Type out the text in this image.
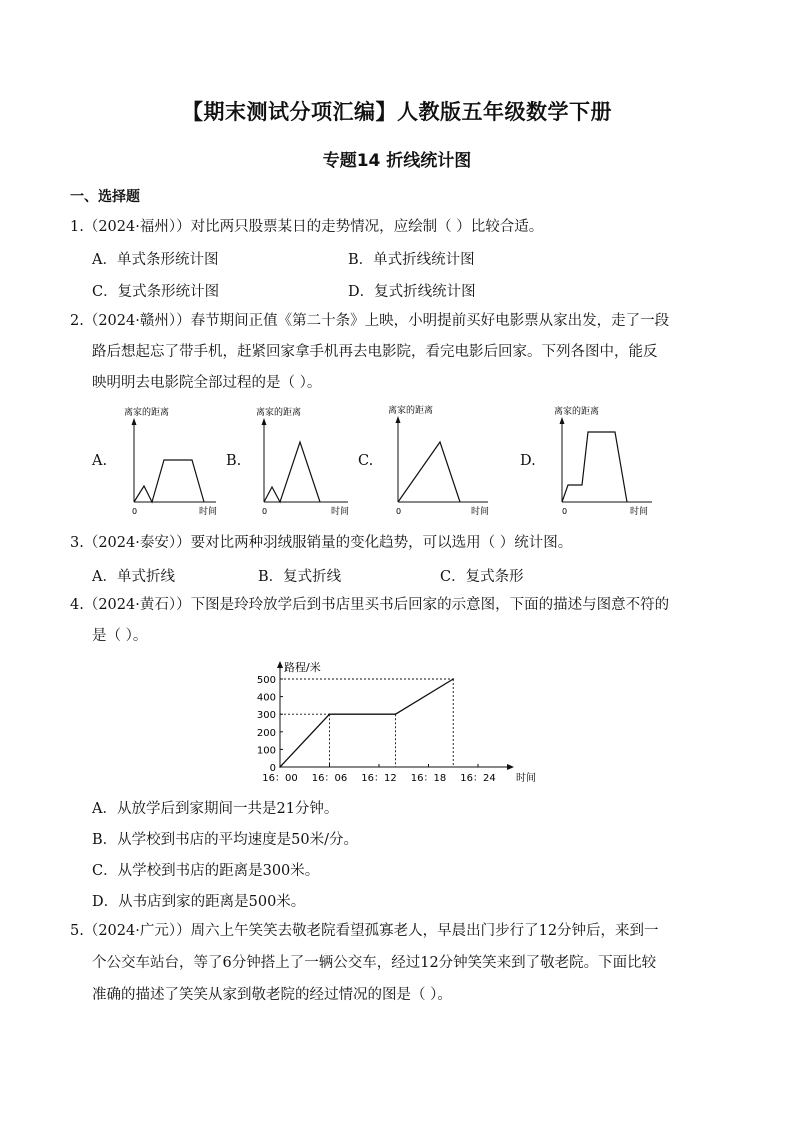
【期末测试分项汇编】人教版五年级数学下册
专题14 折线统计图
一、选择题
1.（2024·福州））对比两只股票某日的走势情况，应绘制（ ）比较合适。
A．单式条形统计图	B．单式折线统计图
C．复式条形统计图	D．复式折线统计图
2.（2024·赣州））春节期间正值《第二十条》上映，小明提前买好电影票从家出发，走了一段
路后想起忘了带手机，赶紧回家拿手机再去电影院，看完电影后回家。下列各图中，能反
映明明去电影院全部过程的是（ ）。
A.
离家的距离
0	时间
B.
离家的距离
0	时间
C.
离家的距离
0	时间
D.
离家的距离
0	时间
3.（2024·泰安））要对比两种羽绒服销量的变化趋势，可以选用（ ）统计图。
A．单式折线	B．复式折线	C．复式条形
4.（2024·黄石））下图是玲玲放学后到书店里买书后回家的示意图，下面的描述与图意不符的
是（ ）。
路程/米
时间
0
100
200
300
400
500
16：00 16：06 16：12 16：18 16：24
A．从放学后到家期间一共是21分钟。
B．从学校到书店的平均速度是50米/分。
C．从学校到书店的距离是300米。
D．从书店到家的距离是500米。
5.（2024·广元））周六上午笑笑去敬老院看望孤寡老人，早晨出门步行了12分钟后，来到一
个公交车站台，等了6分钟搭上了一辆公交车，经过12分钟笑笑来到了敬老院。下面比较
准确的描述了笑笑从家到敬老院的经过情况的图是（ ）。
